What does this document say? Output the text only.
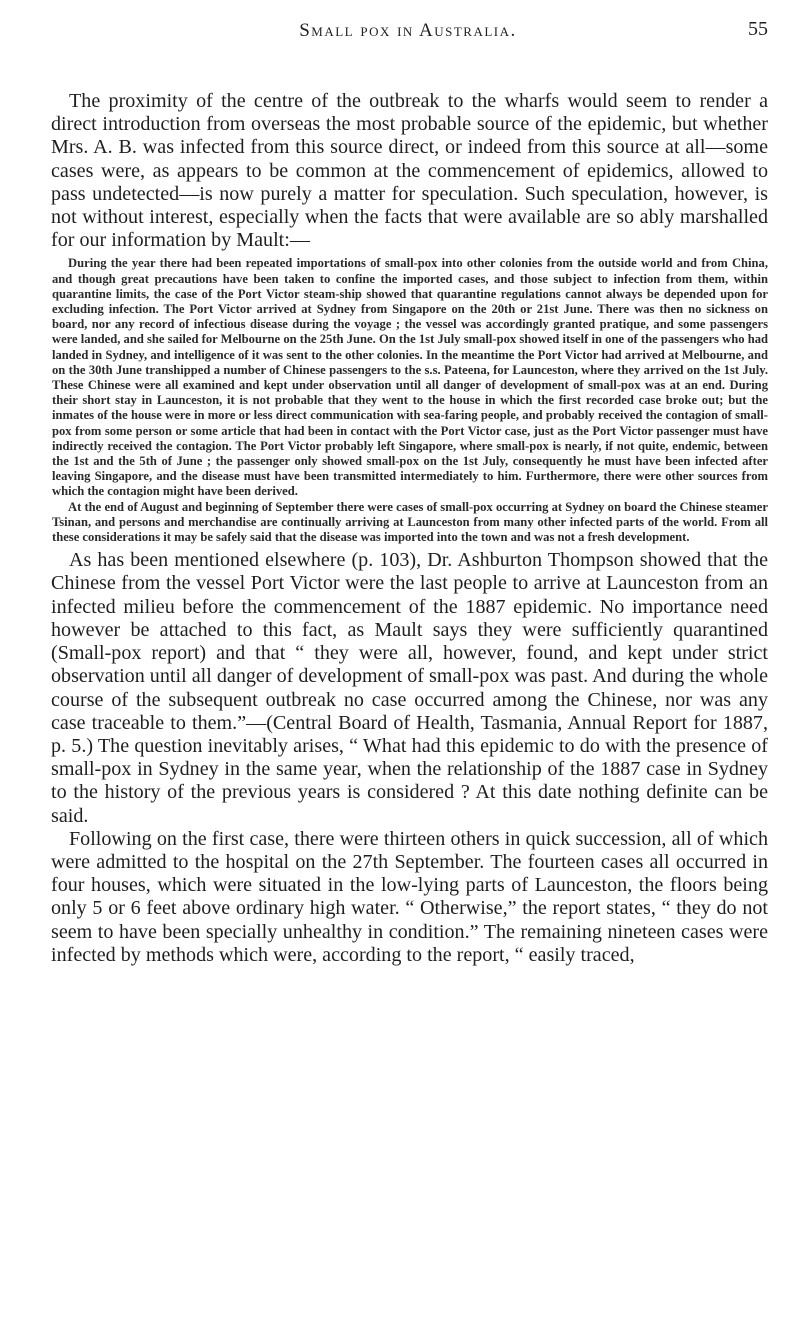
Small pox in Australia.	55

The proximity of the centre of the outbreak to the wharfs would seem to render a direct introduction from overseas the most probable source of the epidemic, but whether Mrs. A. B. was infected from this source direct, or indeed from this source at all—some cases were, as appears to be common at the commencement of epidemics, allowed to pass undetected—is now purely a matter for speculation. Such speculation, however, is not without interest, especially when the facts that were available are so ably marshalled for our information by Mault:—

During the year there had been repeated importations of small-pox into other colonies from the outside world and from China, and though great precautions have been taken to confine the imported cases, and those subject to infection from them, within quarantine limits, the case of the Port Victor steam-ship showed that quarantine regulations cannot always be depended upon for excluding infection. The Port Victor arrived at Sydney from Singapore on the 20th or 21st June. There was then no sickness on board, nor any record of infectious disease during the voyage ; the vessel was accordingly granted pratique, and some passengers were landed, and she sailed for Melbourne on the 25th June. On the 1st July small-pox showed itself in one of the passengers who had landed in Sydney, and intelligence of it was sent to the other colonies. In the meantime the Port Victor had arrived at Melbourne, and on the 30th June transhipped a number of Chinese passengers to the s.s. Pateena, for Launceston, where they arrived on the 1st July. These Chinese were all examined and kept under observation until all danger of development of small-pox was at an end. During their short stay in Launceston, it is not probable that they went to the house in which the first recorded case broke out; but the inmates of the house were in more or less direct communication with sea-faring people, and probably received the contagion of small-pox from some person or some article that had been in contact with the Port Victor case, just as the Port Victor passenger must have indirectly received the contagion. The Port Victor probably left Singapore, where small-pox is nearly, if not quite, endemic, between the 1st and the 5th of June ; the passenger only showed small-pox on the 1st July, consequently he must have been infected after leaving Singapore, and the disease must have been transmitted intermediately to him. Furthermore, there were other sources from which the contagion might have been derived.

At the end of August and beginning of September there were cases of small-pox occurring at Sydney on board the Chinese steamer Tsinan, and persons and merchandise are continually arriving at Launceston from many other infected parts of the world. From all these considerations it may be safely said that the disease was imported into the town and was not a fresh development.

As has been mentioned elsewhere (p. 103), Dr. Ashburton Thompson showed that the Chinese from the vessel Port Victor were the last people to arrive at Launceston from an infected milieu before the commencement of the 1887 epidemic. No importance need however be attached to this fact, as Mault says they were sufficiently quarantined (Small-pox report) and that “ they were all, however, found, and kept under strict observation until all danger of development of small-pox was past. And during the whole course of the subsequent outbreak no case occurred among the Chinese, nor was any case traceable to them.”—(Central Board of Health, Tasmania, Annual Report for 1887, p. 5.) The question inevitably arises, “ What had this epidemic to do with the presence of small-pox in Sydney in the same year, when the relationship of the 1887 case in Sydney to the history of the previous years is considered ? At this date nothing definite can be said.

Following on the first case, there were thirteen others in quick succession, all of which were admitted to the hospital on the 27th September. The fourteen cases all occurred in four houses, which were situated in the low-lying parts of Launceston, the floors being only 5 or 6 feet above ordinary high water. “ Otherwise,” the report states, “ they do not seem to have been specially unhealthy in condition.” The remaining nineteen cases were infected by methods which were, according to the report, “ easily traced,
